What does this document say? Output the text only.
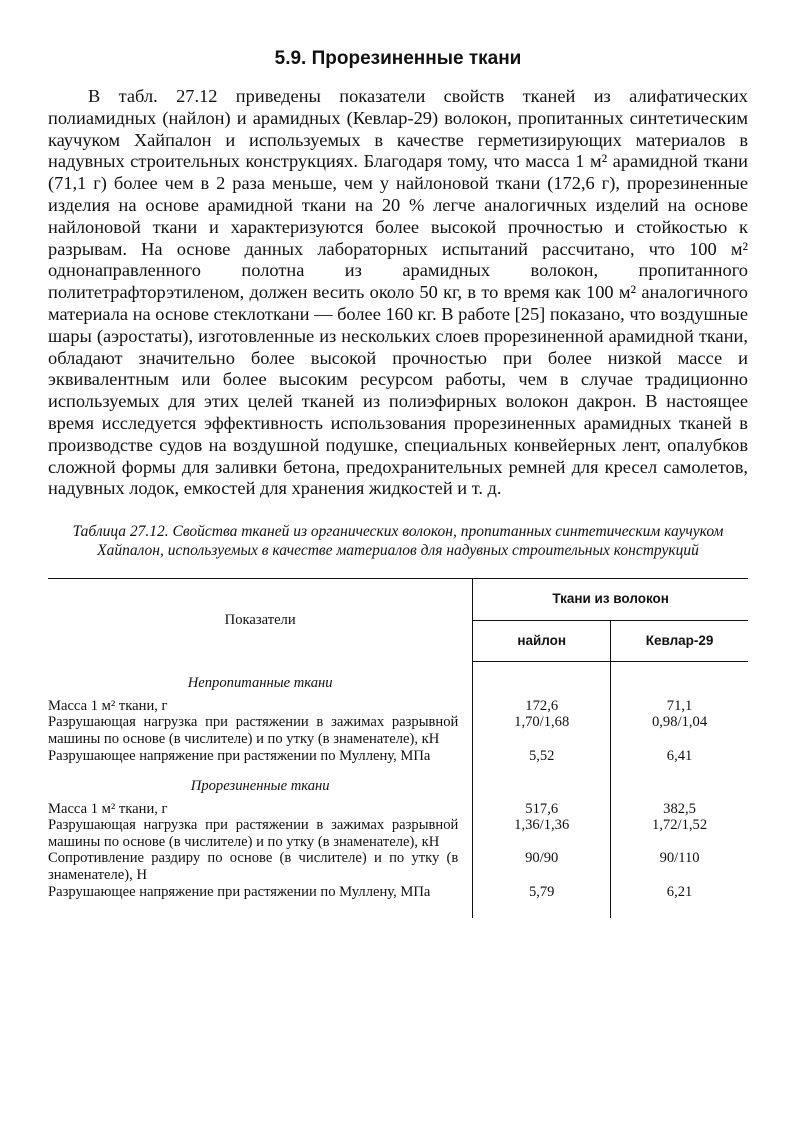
5.9. Прорезиненные ткани

В табл. 27.12 приведены показатели свойств тканей из алифатических полиамидных (найлон) и арамидных (Кевлар-29) волокон, пропитанных синтетическим каучуком Хайпалон и используемых в качестве герметизирующих материалов в надувных строительных конструкциях. Благодаря тому, что масса 1 м² арамидной ткани (71,1 г) более чем в 2 раза меньше, чем у найлоновой ткани (172,6 г), прорезиненные изделия на основе арамидной ткани на 20 % легче аналогичных изделий на основе найлоновой ткани и характеризуются более высокой прочностью и стойкостью к разрывам. На основе данных лабораторных испытаний рассчитано, что 100 м² однонаправленного полотна из арамидных волокон, пропитанного политетрафторэтиленом, должен весить около 50 кг, в то время как 100 м² аналогичного материала на основе стеклоткани — более 160 кг. В работе [25] показано, что воздушные шары (аэростаты), изготовленные из нескольких слоев прорезиненной арамидной ткани, обладают значительно более высокой прочностью при более низкой массе и эквивалентным или более высоким ресурсом работы, чем в случае традиционно используемых для этих целей тканей из полиэфирных волокон дакрон. В настоящее время исследуется эффективность использования прорезиненных арамидных тканей в производстве судов на воздушной подушке, специальных конвейерных лент, опалубков сложной формы для заливки бетона, предохранительных ремней для кресел самолетов, надувных лодок, емкостей для хранения жидкостей и т. д.

Таблица 27.12. Свойства тканей из органических волокон, пропитанных синтетическим каучуком Хайпалон, используемых в качестве материалов для надувных строительных конструкций
Показатели	Ткани из волокон	
	найлон	Кевлар-29
Непропитанные ткани		
Масса 1 м² ткани, г	172,6	71,1
Разрушающая нагрузка при растяжении в зажимах разрывной машины по основе (в числителе) и по утку (в знаменателе), кН	1,70/1,68	0,98/1,04
Разрушающее напряжение при растяжении по Муллену, МПа	5,52	6,41
Прорезиненные ткани		
Масса 1 м² ткани, г	517,6	382,5
Разрушающая нагрузка при растяжении в зажимах разрывной машины по основе (в числителе) и по утку (в знаменателе), кН	1,36/1,36	1,72/1,52
Сопротивление раздиру по основе (в числителе) и по утку (в знаменателе), Н	90/90	90/110
Разрушающее напряжение при растяжении по Муллену, МПа	5,79	6,21
